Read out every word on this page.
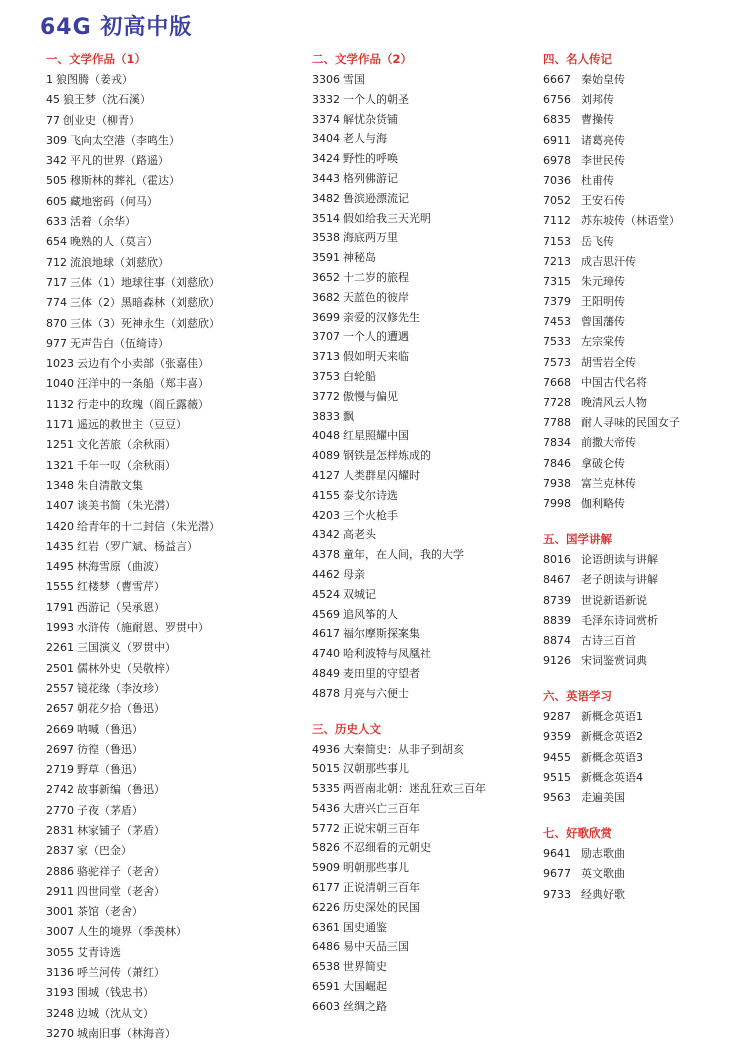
64G 初高中版
一、文学作品（1）
1 狼图腾（姜戎）
45 狼王梦（沈石溪）
77 创业史（柳青）
309 飞向太空港（李鸣生）
342 平凡的世界（路遥）
505 穆斯林的葬礼（霍达）
605 藏地密码（何马）
633 活着（余华）
654 晚熟的人（莫言）
712 流浪地球（刘慈欣）
717 三体（1）地球往事（刘慈欣）
774 三体（2）黑暗森林（刘慈欣）
870 三体（3）死神永生（刘慈欣）
977 无声告白（伍绮诗）
1023 云边有个小卖部（张嘉佳）
1040 汪洋中的一条船（郑丰喜）
1132 行走中的玫瑰（阎丘露薇）
1171 遥远的救世主（豆豆）
1251 文化苦旅（余秋雨）
1321 千年一叹（余秋雨）
1348 朱自清散文集
1407 谈美书简（朱光潜）
1420 给青年的十二封信（朱光潜）
1435 红岩（罗广斌、杨益言）
1495 林海雪原（曲波）
1555 红楼梦（曹雪芹）
1791 西游记（吴承恩）
1993 水浒传（施耐恩、罗贯中）
2261 三国演义（罗贯中）
2501 儒林外史（吴敬梓）
2557 镜花缘（李汝珍）
2657 朝花夕拾（鲁迅）
2669 呐喊（鲁迅）
2697 彷徨（鲁迅）
2719 野草（鲁迅）
2742 故事新编（鲁迅）
2770 子夜（茅盾）
2831 林家铺子（茅盾）
2837 家（巴金）
2886 骆驼祥子（老舍）
2911 四世同堂（老舍）
3001 茶馆（老舍）
3007 人生的境界（季羡林）
3055 艾青诗选
3136 呼兰河传（萧红）
3193 围城（钱忠书）
3248 边城（沈从文）
3270 城南旧事（林海音）
二、文学作品（2）
3306 雪国
3332 一个人的朝圣
3374 解忧杂货铺
3404 老人与海
3424 野性的呼唤
3443 格列佛游记
3482 鲁滨逊漂流记
3514 假如给我三天光明
3538 海底两万里
3591 神秘岛
3652 十二岁的旅程
3682 天蓝色的彼岸
3699 亲爱的汉修先生
3707 一个人的遭遇
3713 假如明天来临
3753 白轮船
3772 傲慢与偏见
3833 飘
4048 红星照耀中国
4089 钢铁是怎样炼成的
4127 人类群星闪耀时
4155 泰戈尔诗选
4203 三个火枪手
4342 高老头
4378 童年，在人间，我的大学
4462 母亲
4524 双城记
4569 追风筝的人
4617 福尔摩斯探案集
4740 哈利波特与凤凰社
4849 麦田里的守望者
4878 月亮与六便士
三、历史人文
4936 大秦简史：从非子到胡亥
5015 汉朝那些事儿
5335 两晋南北朝：迷乱狂欢三百年
5436 大唐兴亡三百年
5772 正说宋朝三百年
5826 不忍细看的元朝史
5909 明朝那些事儿
6177 正说清朝三百年
6226 历史深处的民国
6361 国史通鉴
6486 易中天品三国
6538 世界简史
6591 大国崛起
6603 丝绸之路
四、名人传记
6667 秦始皇传
6756 刘邦传
6835 曹操传
6911 诸葛亮传
6978 李世民传
7036 杜甫传
7052 王安石传
7112 苏东坡传（林语堂）
7153 岳飞传
7213 成吉思汗传
7315 朱元璋传
7379 王阳明传
7453 曾国藩传
7533 左宗棠传
7573 胡雪岩全传
7668 中国古代名将
7728 晚清风云人物
7788 耐人寻味的民国女子
7834 前撒大帝传
7846 拿破仑传
7938 富兰克林传
7998 伽利略传
五、国学讲解
8016 论语朗读与讲解
8467 老子朗读与讲解
8739 世说新语新说
8839 毛泽东诗词赏析
8874 古诗三百首
9126 宋词鉴赏词典
六、英语学习
9287 新概念英语1
9359 新概念英语2
9455 新概念英语3
9515 新概念英语4
9563 走遍美国
七、好歌欣赏
9641 励志歌曲
9677 英文歌曲
9733 经典好歌
